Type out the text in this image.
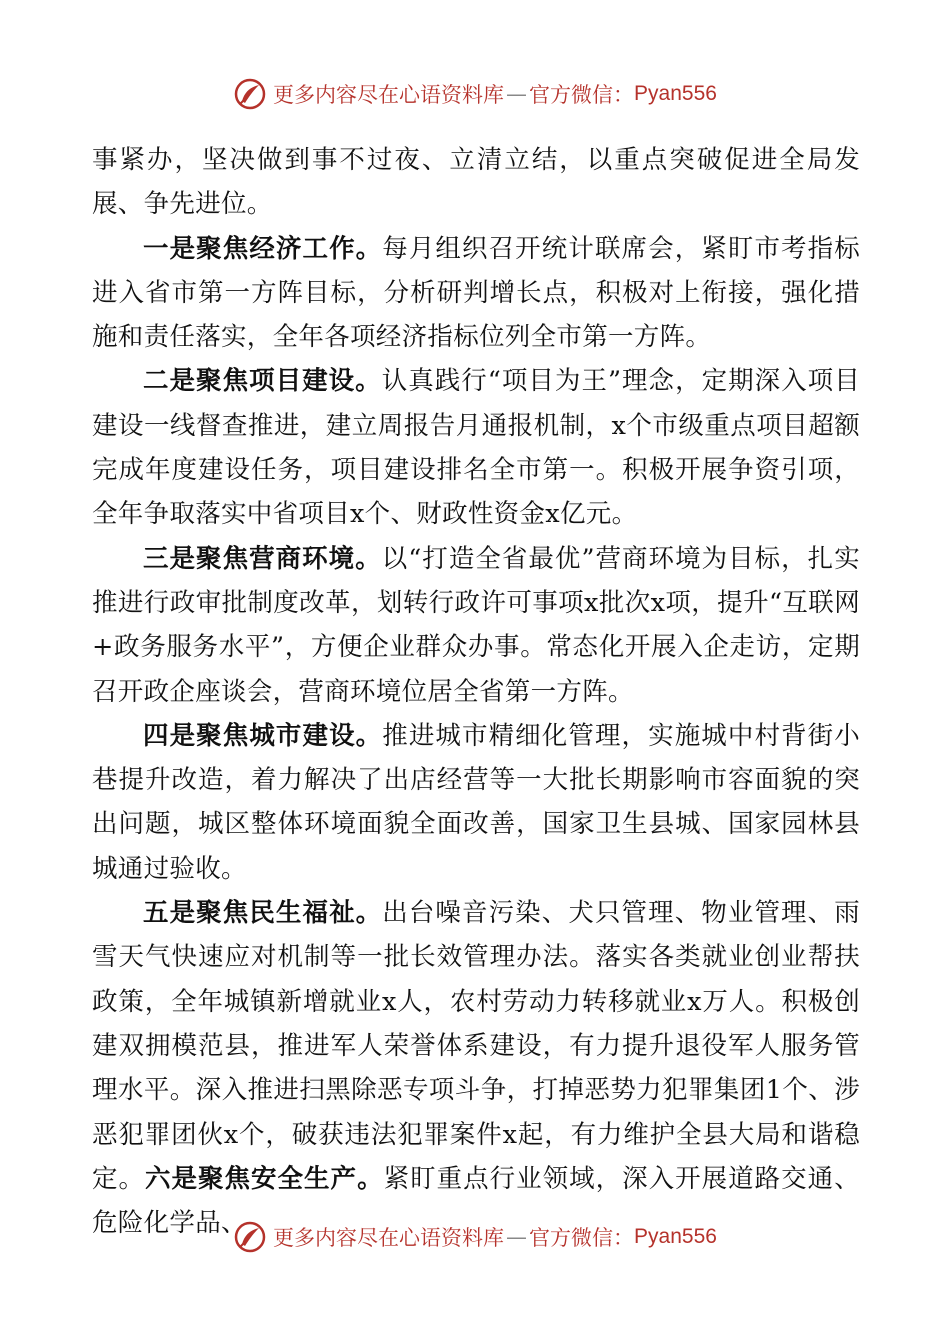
更多内容尽在心语资料库 — 官方微信： Pyan556

事紧办，坚决做到事不过夜、立清立结，以重点突破促进全局发展、争先进位。

一是聚焦经济工作。每月组织召开统计联席会，紧盯市考指标进入省市第一方阵目标，分析研判增长点，积极对上衔接，强化措施和责任落实，全年各项经济指标位列全市第一方阵。

二是聚焦项目建设。认真践行“项目为王”理念，定期深入项目建设一线督查推进，建立周报告月通报机制，x个市级重点项目超额完成年度建设任务，项目建设排名全市第一。积极开展争资引项，全年争取落实中省项目x个、财政性资金x亿元。

三是聚焦营商环境。以“打造全省最优”营商环境为目标，扎实推进行政审批制度改革，划转行政许可事项x批次x项，提升“互联网+政务服务水平”，方便企业群众办事。常态化开展入企走访，定期召开政企座谈会，营商环境位居全省第一方阵。

四是聚焦城市建设。推进城市精细化管理，实施城中村背街小巷提升改造，着力解决了出店经营等一大批长期影响市容面貌的突出问题，城区整体环境面貌全面改善，国家卫生县城、国家园林县城通过验收。

五是聚焦民生福祉。出台噪音污染、犬只管理、物业管理、雨雪天气快速应对机制等一批长效管理办法。落实各类就业创业帮扶政策，全年城镇新增就业x人，农村劳动力转移就业x万人。积极创建双拥模范县，推进军人荣誉体系建设，有力提升退役军人服务管理水平。深入推进扫黑除恶专项斗争，打掉恶势力犯罪集团1个、涉恶犯罪团伙x个，破获违法犯罪案件x起，有力维护全县大局和谐稳定。六是聚焦安全生产。紧盯重点行业领域，深入开展道路交通、危险化学品、	更多内容尽在心语资料库 — 官方微信： Pyan556
